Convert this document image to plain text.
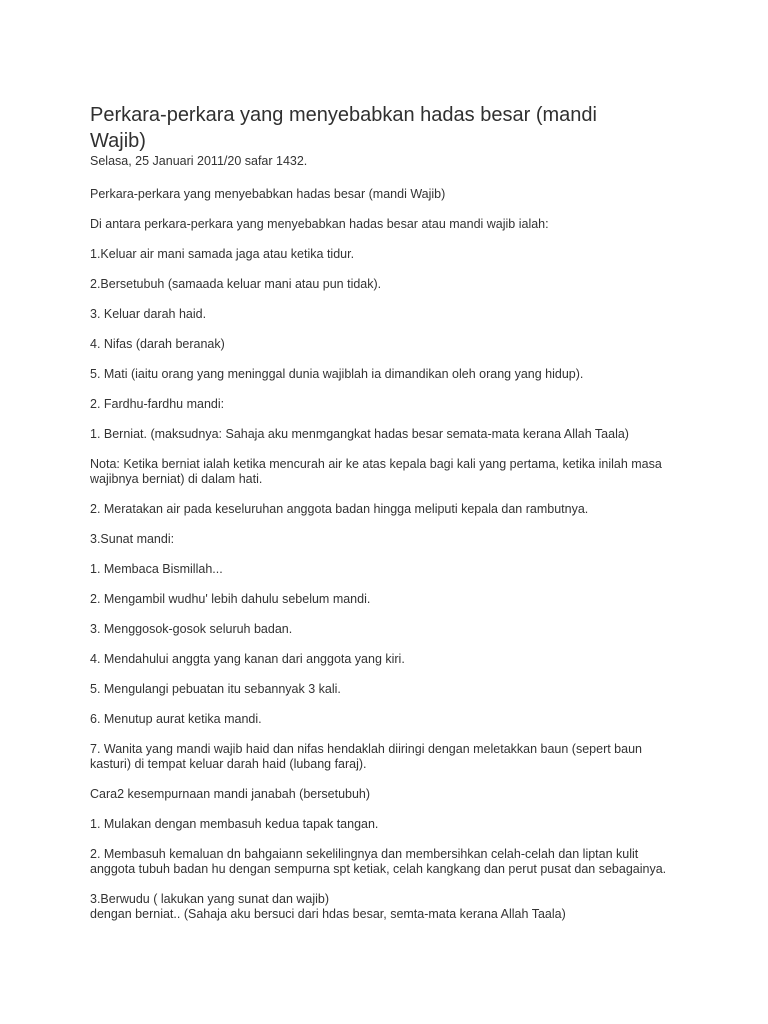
Perkara-perkara yang menyebabkan hadas besar (mandi Wajib)

Selasa, 25 Januari 2011/20 safar 1432.

Perkara-perkara yang menyebabkan hadas besar (mandi Wajib)

Di antara perkara-perkara yang menyebabkan hadas besar atau mandi wajib ialah:

1.Keluar air mani samada jaga atau ketika tidur.

2.Bersetubuh (samaada keluar mani atau pun tidak).

3. Keluar darah haid.

4. Nifas (darah beranak)

5. Mati (iaitu orang yang meninggal dunia wajiblah ia dimandikan oleh orang yang hidup).

2. Fardhu-fardhu mandi:

1. Berniat. (maksudnya: Sahaja aku menmgangkat hadas besar semata-mata kerana Allah Taala)

Nota: Ketika berniat ialah ketika mencurah air ke atas kepala bagi kali yang pertama, ketika inilah masa wajibnya berniat) di dalam hati.

2. Meratakan air pada keseluruhan anggota badan hingga meliputi kepala dan rambutnya.

3.Sunat mandi:

1. Membaca Bismillah...

2. Mengambil wudhu' lebih dahulu sebelum mandi.

3. Menggosok-gosok seluruh badan.

4. Mendahului anggta yang kanan dari anggota yang kiri.

5. Mengulangi pebuatan itu sebannyak 3 kali.

6. Menutup aurat ketika mandi.

7. Wanita yang mandi wajib haid dan nifas hendaklah diiringi dengan meletakkan baun (sepert baun kasturi) di tempat keluar darah haid (lubang faraj).

Cara2 kesempurnaan mandi janabah (bersetubuh)

1. Mulakan dengan membasuh kedua tapak tangan.

2. Membasuh kemaluan dn bahgaiann sekelilingnya dan membersihkan celah-celah dan liptan kulit anggota tubuh badan hu dengan sempurna spt ketiak, celah kangkang dan perut pusat dan sebagainya.

3.Berwudu ( lakukan yang sunat dan wajib)

dengan berniat.. (Sahaja aku bersuci dari hdas besar, semta-mata kerana Allah Taala)
